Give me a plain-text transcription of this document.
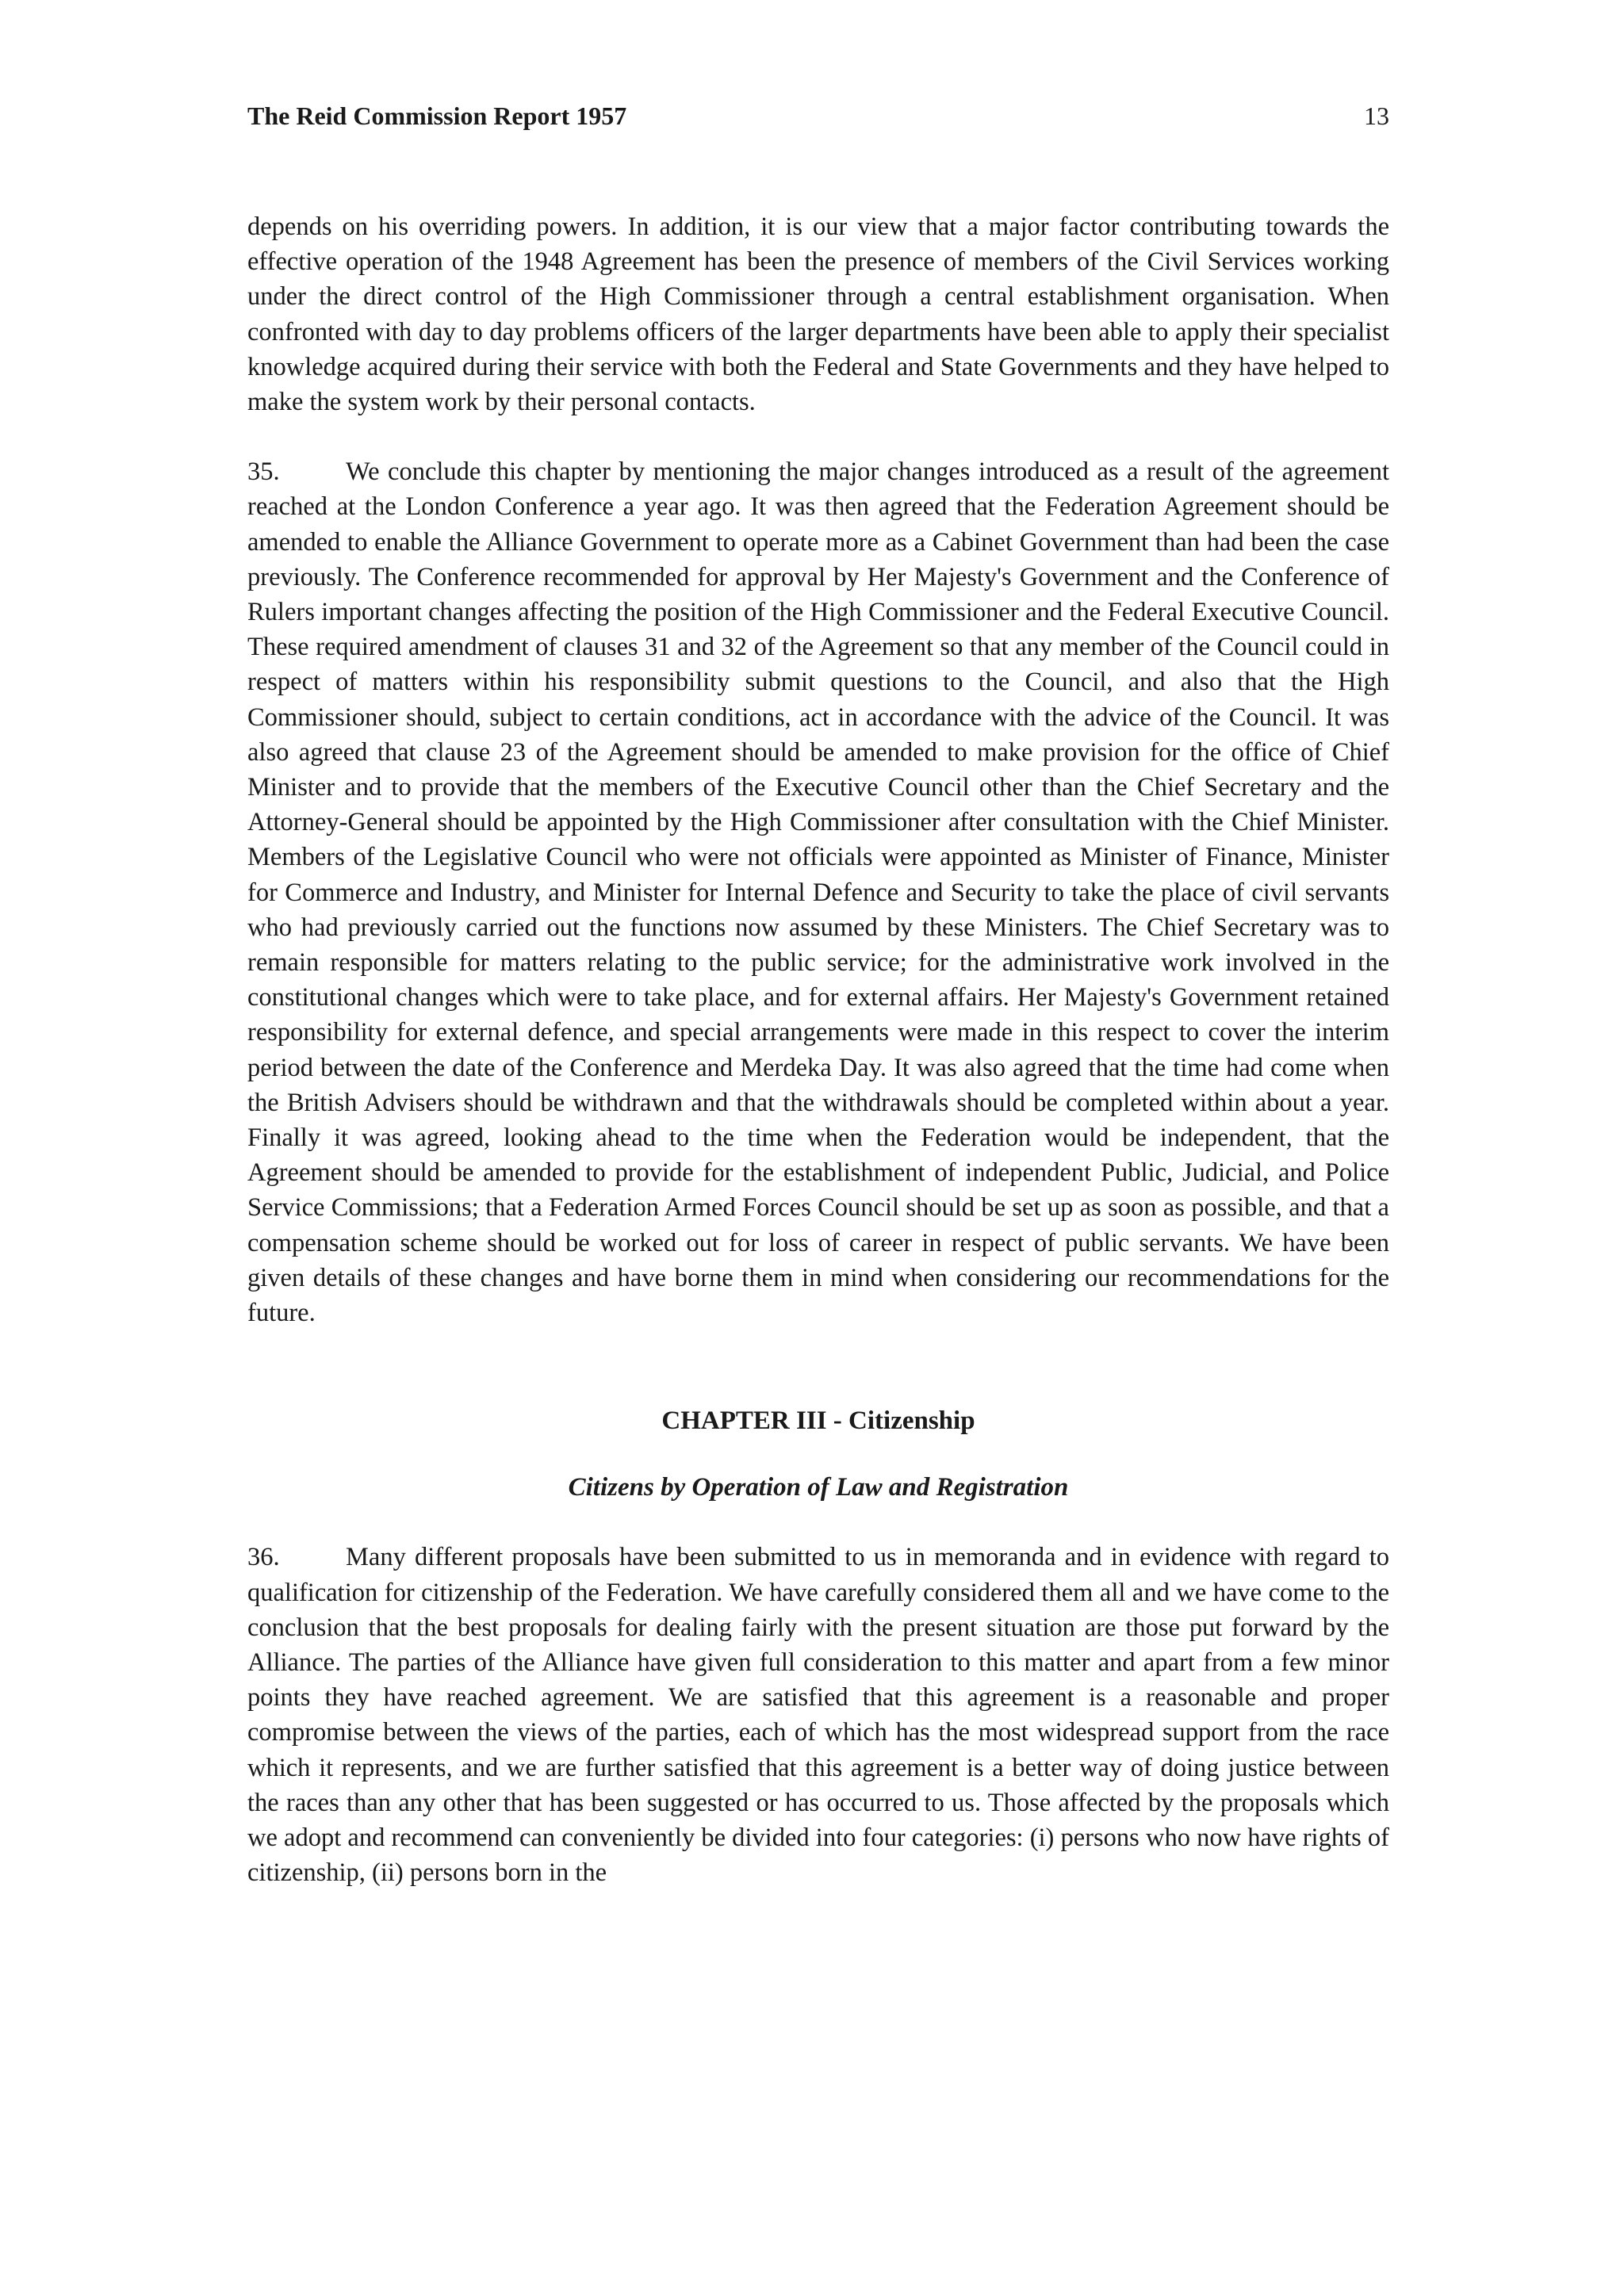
The Reid Commission Report 1957	13

depends on his overriding powers. In addition, it is our view that a major factor contributing towards the effective operation of the 1948 Agreement has been the presence of members of the Civil Services working under the direct control of the High Commissioner through a central establishment organisation. When confronted with day to day problems officers of the larger departments have been able to apply their specialist knowledge acquired during their service with both the Federal and State Governments and they have helped to make the system work by their personal contacts.

35.	We conclude this chapter by mentioning the major changes introduced as a result of the agreement reached at the London Conference a year ago. It was then agreed that the Federation Agreement should be amended to enable the Alliance Government to operate more as a Cabinet Government than had been the case previously. The Conference recommended for approval by Her Majesty's Government and the Conference of Rulers important changes affecting the position of the High Commissioner and the Federal Executive Council. These required amendment of clauses 31 and 32 of the Agreement so that any member of the Council could in respect of matters within his responsibility submit questions to the Council, and also that the High Commissioner should, subject to certain conditions, act in accordance with the advice of the Council. It was also agreed that clause 23 of the Agreement should be amended to make provision for the office of Chief Minister and to provide that the members of the Executive Council other than the Chief Secretary and the Attorney-General should be appointed by the High Commissioner after consultation with the Chief Minister. Members of the Legislative Council who were not officials were appointed as Minister of Finance, Minister for Commerce and Industry, and Minister for Internal Defence and Security to take the place of civil servants who had previously carried out the functions now assumed by these Ministers. The Chief Secretary was to remain responsible for matters relating to the public service; for the administrative work involved in the constitutional changes which were to take place, and for external affairs. Her Majesty's Government retained responsibility for external defence, and special arrangements were made in this respect to cover the interim period between the date of the Conference and Merdeka Day. It was also agreed that the time had come when the British Advisers should be withdrawn and that the withdrawals should be completed within about a year. Finally it was agreed, looking ahead to the time when the Federation would be independent, that the Agreement should be amended to provide for the establishment of independent Public, Judicial, and Police Service Commissions; that a Federation Armed Forces Council should be set up as soon as possible, and that a compensation scheme should be worked out for loss of career in respect of public servants. We have been given details of these changes and have borne them in mind when considering our recommendations for the future.

CHAPTER III - Citizenship
Citizens by Operation of Law and Registration

36.	Many different proposals have been submitted to us in memoranda and in evidence with regard to qualification for citizenship of the Federation. We have carefully considered them all and we have come to the conclusion that the best proposals for dealing fairly with the present situation are those put forward by the Alliance. The parties of the Alliance have given full consideration to this matter and apart from a few minor points they have reached agreement. We are satisfied that this agreement is a reasonable and proper compromise between the views of the parties, each of which has the most widespread support from the race which it represents, and we are further satisfied that this agreement is a better way of doing justice between the races than any other that has been suggested or has occurred to us. Those affected by the proposals which we adopt and recommend can conveniently be divided into four categories: (i) persons who now have rights of citizenship, (ii) persons born in the
